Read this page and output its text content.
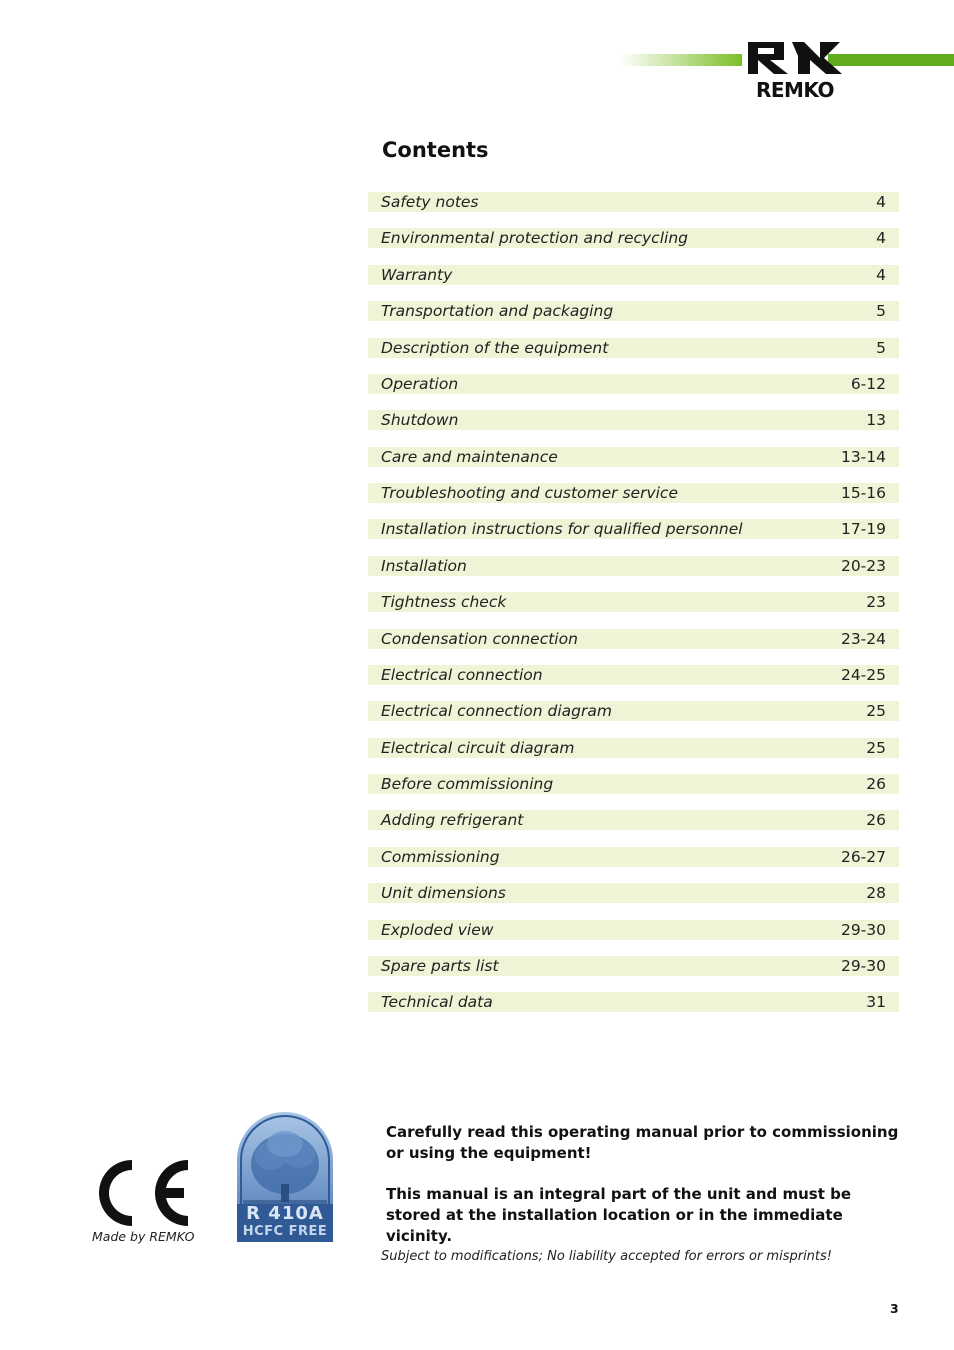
REMKO
Contents
Safety notes	4
Environmental protection and recycling	4
Warranty	4
Transportation and packaging	5
Description of the equipment	5
Operation	6-12
Shutdown	13
Care and maintenance	13-14
Troubleshooting and customer service	15-16
Installation instructions for qualified personnel	17-19
Installation	20-23
Tightness check	23
Condensation connection	23-24
Electrical connection	24-25
Electrical connection diagram	25
Electrical circuit diagram	25
Before commissioning	26
Adding refrigerant	26
Commissioning	26-27
Unit dimensions	28
Exploded view	29-30
Spare parts list	29-30
Technical data	31
Made by REMKO
R 410A
HCFC FREE
Carefully read this operating manual prior to commissioning or using the equipment!
This manual is an integral part of the unit and must be stored at the installation location or in the immediate vicinity.
Subject to modifications; No liability accepted for errors or misprints!
3
